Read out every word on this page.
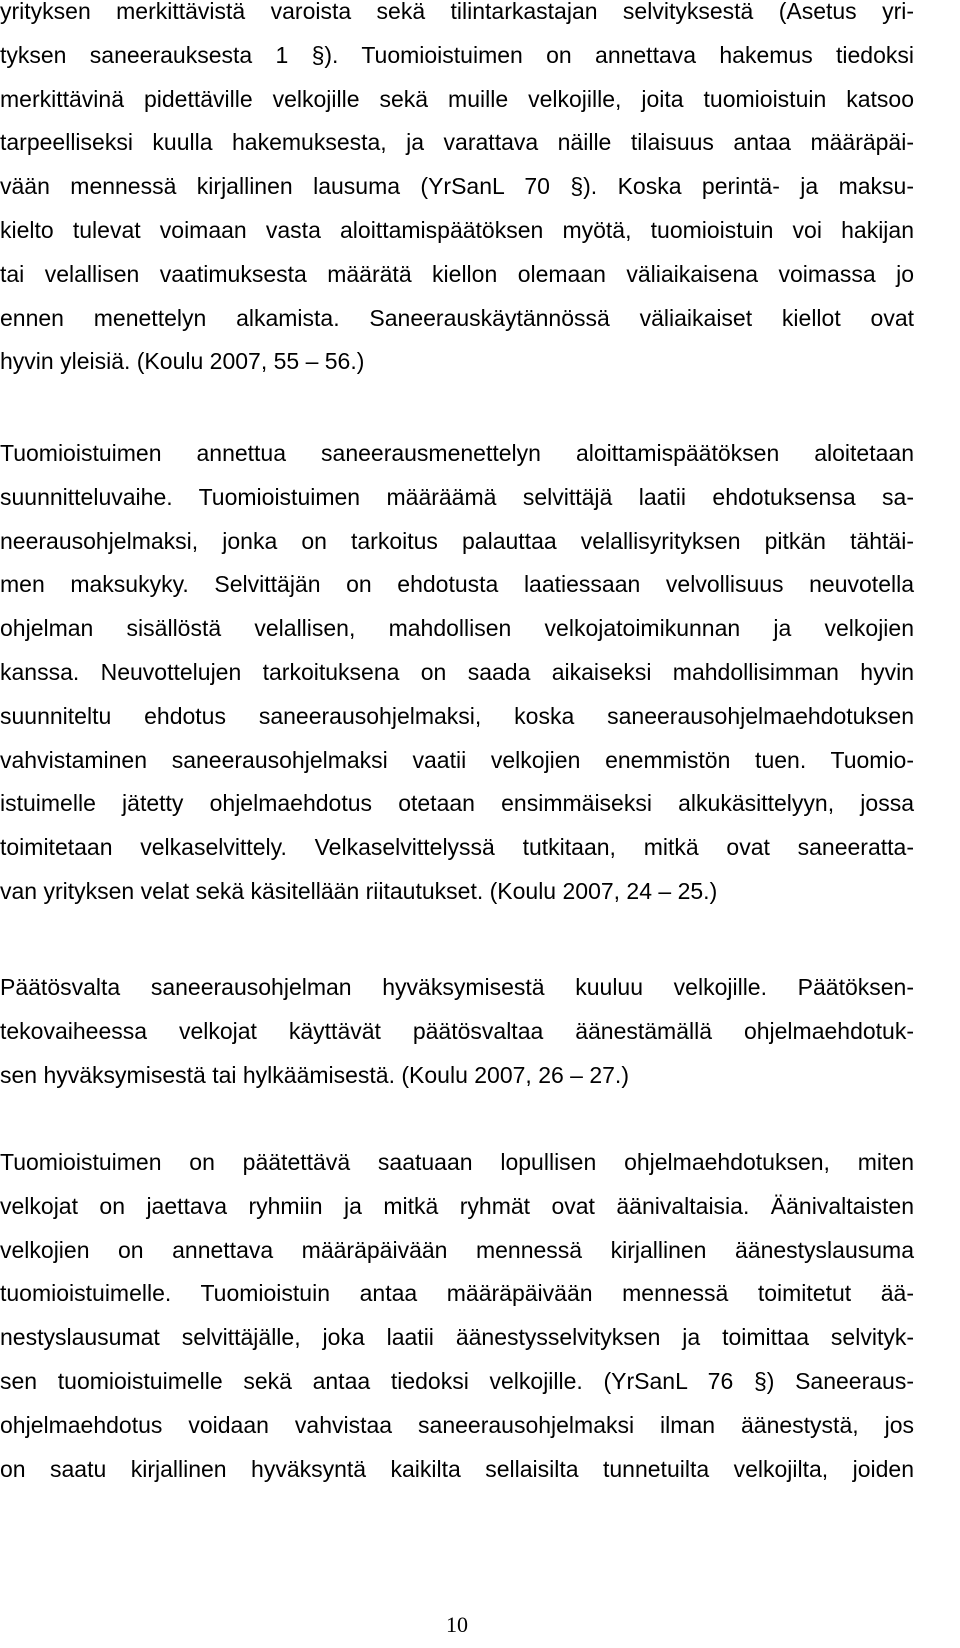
yrityksen merkittävistä varoista sekä tilintarkastajan selvityksestä (Asetus yri-
tyksen saneerauksesta 1 §). Tuomioistuimen on annettava hakemus tiedoksi
merkittävinä pidettäville velkojille sekä muille velkojille, joita tuomioistuin katsoo
tarpeelliseksi kuulla hakemuksesta, ja varattava näille tilaisuus antaa määräpäi-
vään mennessä kirjallinen lausuma (YrSanL 70 §). Koska perintä- ja maksu-
kielto tulevat voimaan vasta aloittamispäätöksen myötä, tuomioistuin voi hakijan
tai velallisen vaatimuksesta määrätä kiellon olemaan väliaikaisena voimassa jo
ennen menettelyn alkamista. Saneerauskäytännössä väliaikaiset kiellot ovat
hyvin yleisiä. (Koulu 2007, 55 – 56.)
Tuomioistuimen annettua saneerausmenettelyn aloittamispäätöksen aloitetaan
suunnitteluvaihe. Tuomioistuimen määräämä selvittäjä laatii ehdotuksensa sa-
neerausohjelmaksi, jonka on tarkoitus palauttaa velallisyrityksen pitkän tähtäi-
men maksukyky. Selvittäjän on ehdotusta laatiessaan velvollisuus neuvotella
ohjelman sisällöstä velallisen, mahdollisen velkojatoimikunnan ja velkojien
kanssa. Neuvottelujen tarkoituksena on saada aikaiseksi mahdollisimman hyvin
suunniteltu ehdotus saneerausohjelmaksi, koska saneerausohjelmaehdotuksen
vahvistaminen saneerausohjelmaksi vaatii velkojien enemmistön tuen. Tuomio-
istuimelle jätetty ohjelmaehdotus otetaan ensimmäiseksi alkukäsittelyyn, jossa
toimitetaan velkaselvittely. Velkaselvittelyssä tutkitaan, mitkä ovat saneeratta-
van yrityksen velat sekä käsitellään riitautukset. (Koulu 2007, 24 – 25.)
Päätösvalta saneerausohjelman hyväksymisestä kuuluu velkojille. Päätöksen-
tekovaiheessa velkojat käyttävät päätösvaltaa äänestämällä ohjelmaehdotuk-
sen hyväksymisestä tai hylkäämisestä. (Koulu 2007, 26 – 27.)
Tuomioistuimen on päätettävä saatuaan lopullisen ohjelmaehdotuksen, miten
velkojat on jaettava ryhmiin ja mitkä ryhmät ovat äänivaltaisia. Äänivaltaisten
velkojien on annettava määräpäivään mennessä kirjallinen äänestyslausuma
tuomioistuimelle. Tuomioistuin antaa määräpäivään mennessä toimitetut ää-
nestyslausumat selvittäjälle, joka laatii äänestysselvityksen ja toimittaa selvityk-
sen tuomioistuimelle sekä antaa tiedoksi velkojille. (YrSanL 76 §) Saneeraus-
ohjelmaehdotus voidaan vahvistaa saneerausohjelmaksi ilman äänestystä, jos
on saatu kirjallinen hyväksyntä kaikilta sellaisilta tunnetuilta velkojilta, joiden
10
